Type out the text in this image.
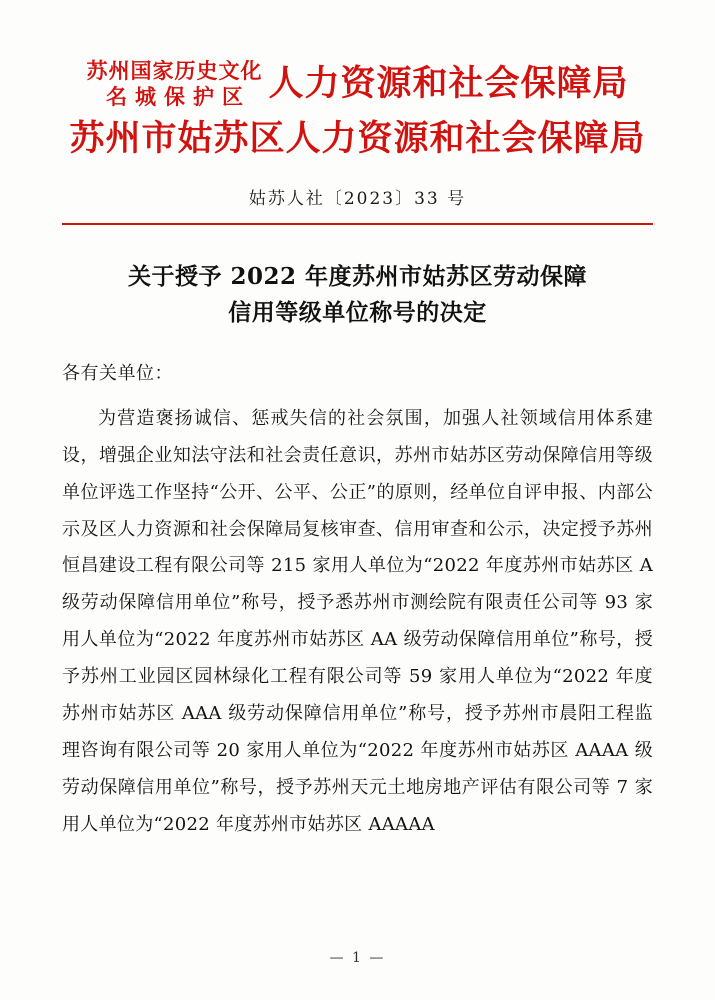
苏州国家历史文化
名城保护区 人力资源和社会保障局
苏州市姑苏区人力资源和社会保障局
姑苏人社〔2023〕33 号
关于授予 2022 年度苏州市姑苏区劳动保障
信用等级单位称号的决定
各有关单位：
为营造褒扬诚信、惩戒失信的社会氛围，加强人社领域信用体系建设，增强企业知法守法和社会责任意识，苏州市姑苏区劳动保障信用等级单位评选工作坚持“公开、公平、公正”的原则，经单位自评申报、内部公示及区人力资源和社会保障局复核审查、信用审查和公示，决定授予苏州恒昌建设工程有限公司等 215 家用人单位为“2022 年度苏州市姑苏区 A 级劳动保障信用单位”称号，授予悉苏州市测绘院有限责任公司等 93 家用人单位为“2022 年度苏州市姑苏区 AA 级劳动保障信用单位”称号，授予苏州工业园区园林绿化工程有限公司等 59 家用人单位为“2022 年度苏州市姑苏区 AAA 级劳动保障信用单位”称号，授予苏州市晨阳工程监理咨询有限公司等 20 家用人单位为“2022 年度苏州市姑苏区 AAAA 级劳动保障信用单位”称号，授予苏州天元土地房地产评估有限公司等 7 家用人单位为“2022 年度苏州市姑苏区 AAAAA
— 1 —
